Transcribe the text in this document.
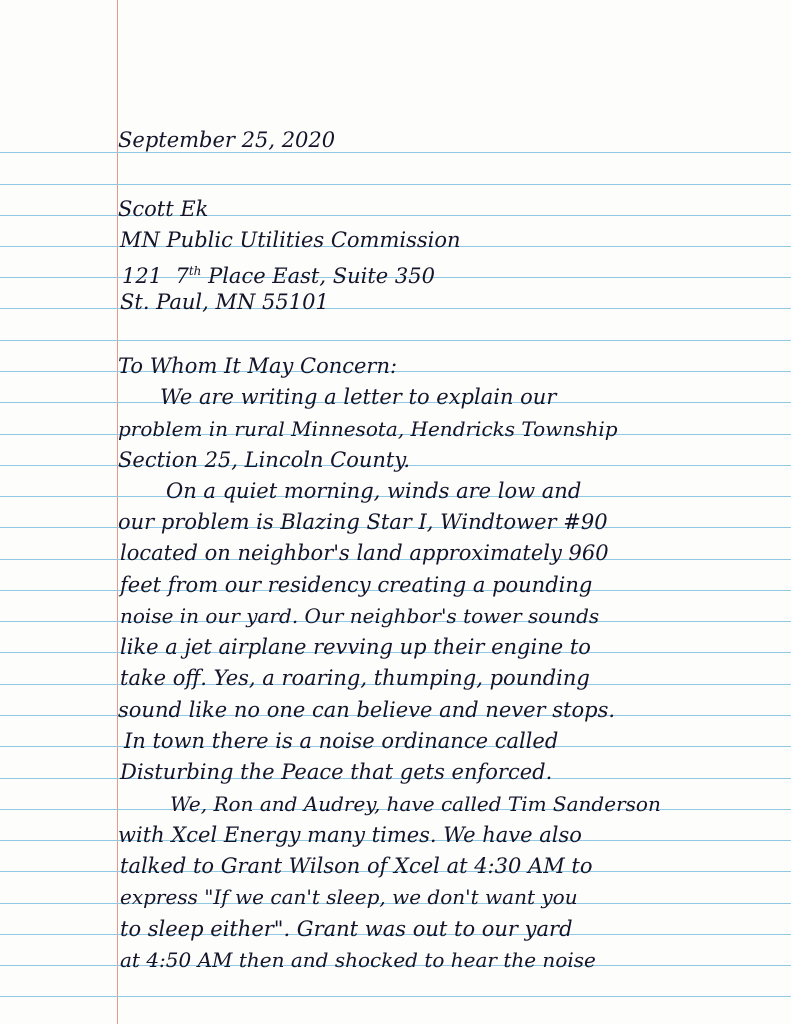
September 25, 2020
Scott Ek
MN Public Utilities Commission
121 7th Place East, Suite 350
St. Paul, MN 55101
To Whom It May Concern:
We are writing a letter to explain our
problem in rural Minnesota, Hendricks Township
Section 25, Lincoln County.
On a quiet morning, winds are low and
our problem is Blazing Star I, Windtower #90
located on neighbor's land approximately 960
feet from our residency creating a pounding
noise in our yard. Our neighbor's tower sounds
like a jet airplane revving up their engine to
take off. Yes, a roaring, thumping, pounding
sound like no one can believe and never stops.
In town there is a noise ordinance called
Disturbing the Peace that gets enforced.
We, Ron and Audrey, have called Tim Sanderson
with Xcel Energy many times. We have also
talked to Grant Wilson of Xcel at 4:30 AM to
express "If we can't sleep, we don't want you
to sleep either". Grant was out to our yard
at 4:50 AM then and shocked to hear the noise
